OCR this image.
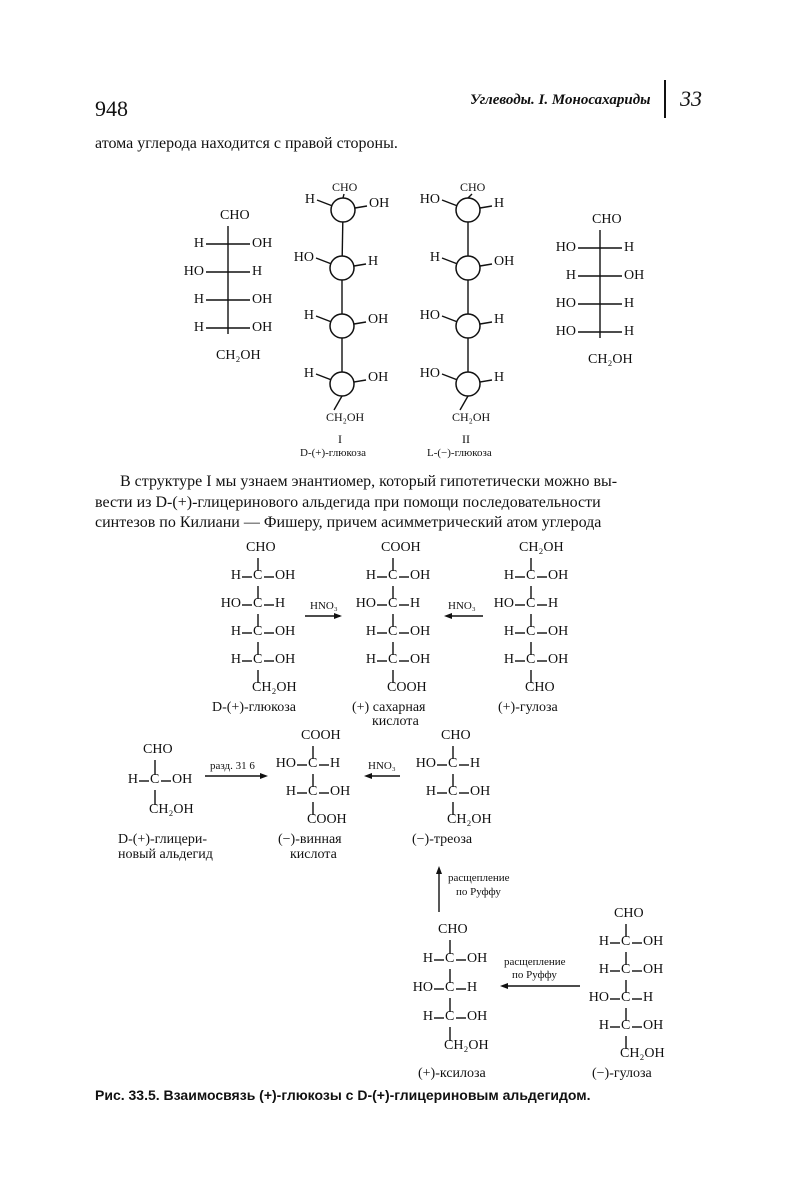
948	Углеводы. I. Моносахариды 33
атома углерода находится с правой стороны.
В структуре I мы узнаем энантиомер, который гипотетически можно вы-
вести из D-(+)-глицеринового альдегида при помощи последовательности
синтезов по Килиани — Фишеру, причем асимметрический атом углерода
Рис. 33.5. Взаимосвязь (+)-глюкозы с D-(+)-глицериновым альдегидом.
CHO
H	OH
HO	H
H	OH
H	OH
CH₂OH
CHO
HO	H
H	OH
HO	H
HO	H
CH₂OH
CHO
H	OH
HO	H
H	OH
H	OH
CH₂OH
I
D-(+)-глюкоза
CHO
HO	H
H	OH
HO	H
HO	H
CH₂OH
II
L-(−)-глюкоза
CHO
C
H OH
C
HO H
C
H OH
C
H OH
CH₂OH
D-(+)-глюкоза
COOH
C
H OH
C
HO H
C
H OH
C
H OH
COOH
(+) сахарная
кислота
CH₂OH
C
H OH
C
HO H
C
H OH
C
H OH
CHO
(+)-гулоза
HNO₃	HNO₃
CHO
C
H OH
CH₂OH
D-(+)-глицери-
новый альдегид
разд. 31 6
COOH
C
HO H
C
H OH
COOH
(−)-винная
кислота
HNO₃
CHO
C
HO H
C
H OH
CH₂OH
(−)-треоза
расщепление
по Руффу
CHO
C
H OH
C
HO H
C
H OH
CH₂OH
(+)-ксилоза
расщепление
по Руффу
CHO
C
H OH
C
H OH
C
HO H
C
H OH
CH₂OH
(−)-гулоза
